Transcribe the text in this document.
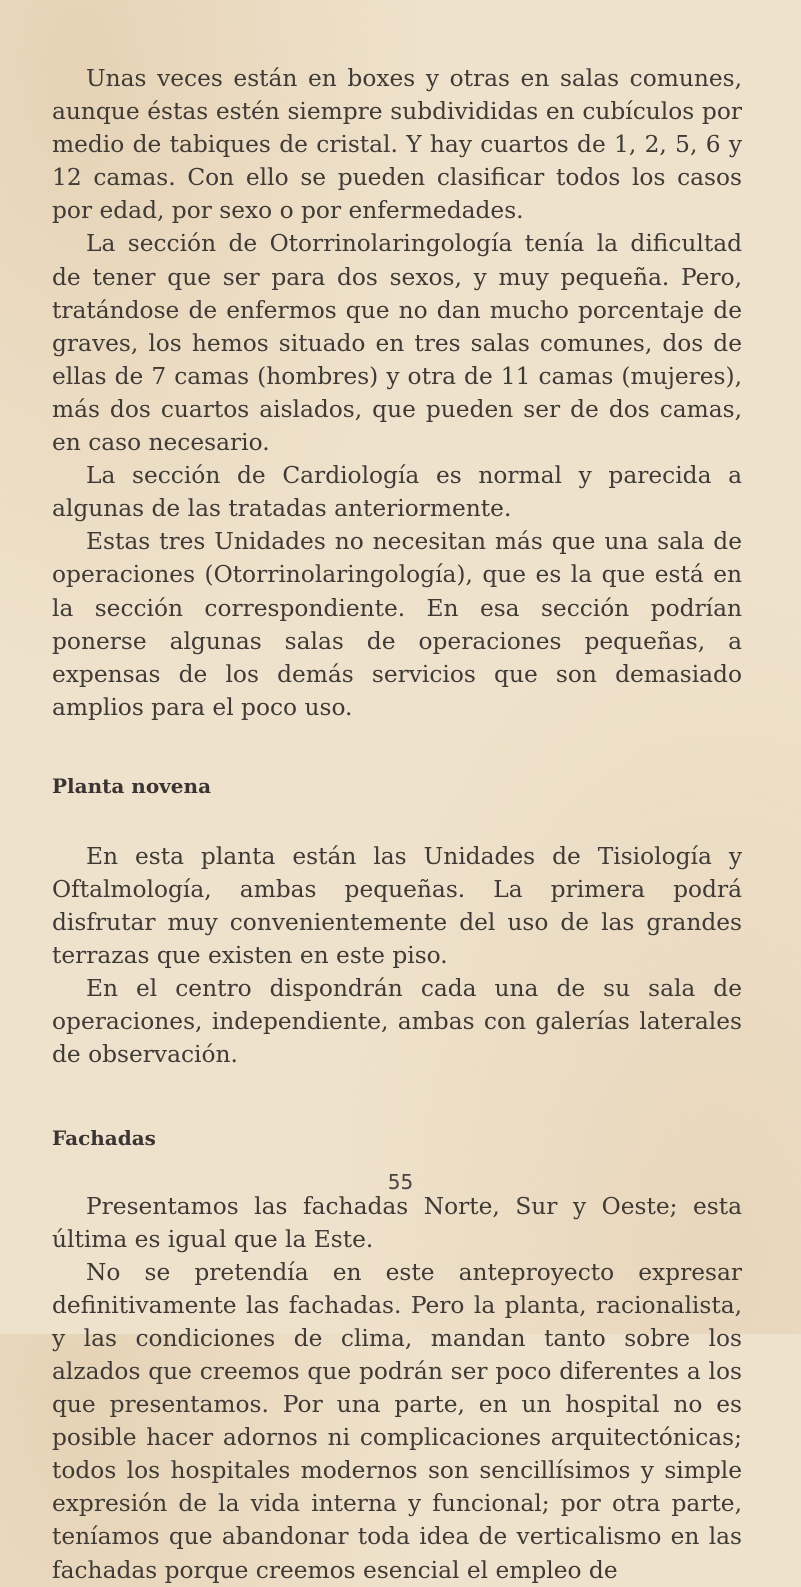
Unas veces están en boxes y otras en salas comunes, aunque éstas estén siempre subdivididas en cubículos por medio de tabiques de cristal. Y hay cuartos de 1, 2, 5, 6 y 12 camas. Con ello se pueden clasificar todos los casos por edad, por sexo o por enfermedades.

La sección de Otorrinolaringología tenía la dificultad de tener que ser para dos sexos, y muy pequeña. Pero, tratándose de enfermos que no dan mucho porcentaje de graves, los hemos situado en tres salas comunes, dos de ellas de 7 camas (hombres) y otra de 11 camas (mujeres), más dos cuartos aislados, que pueden ser de dos camas, en caso necesario.

La sección de Cardiología es normal y parecida a algunas de las tratadas anteriormente.

Estas tres Unidades no necesitan más que una sala de operaciones (Otorrinolaringología), que es la que está en la sección correspondiente. En esa sección podrían ponerse algunas salas de operaciones pequeñas, a expensas de los demás servicios que son demasiado amplios para el poco uso.

Planta novena

En esta planta están las Unidades de Tisiología y Oftalmología, ambas pequeñas. La primera podrá disfrutar muy convenientemente del uso de las grandes terrazas que existen en este piso.

En el centro dispondrán cada una de su sala de operaciones, independiente, ambas con galerías laterales de observación.

Fachadas

Presentamos las fachadas Norte, Sur y Oeste; esta última es igual que la Este.

No se pretendía en este anteproyecto expresar definitivamente las fachadas. Pero la planta, racionalista, y las condiciones de clima, mandan tanto sobre los alzados que creemos que podrán ser poco diferentes a los que presentamos. Por una parte, en un hospital no es posible hacer adornos ni complicaciones arquitectónicas; todos los hospitales modernos son sencillísimos y simple expresión de la vida interna y funcional; por otra parte, teníamos que abandonar toda idea de verticalismo en las fachadas porque creemos esencial el empleo de

55
